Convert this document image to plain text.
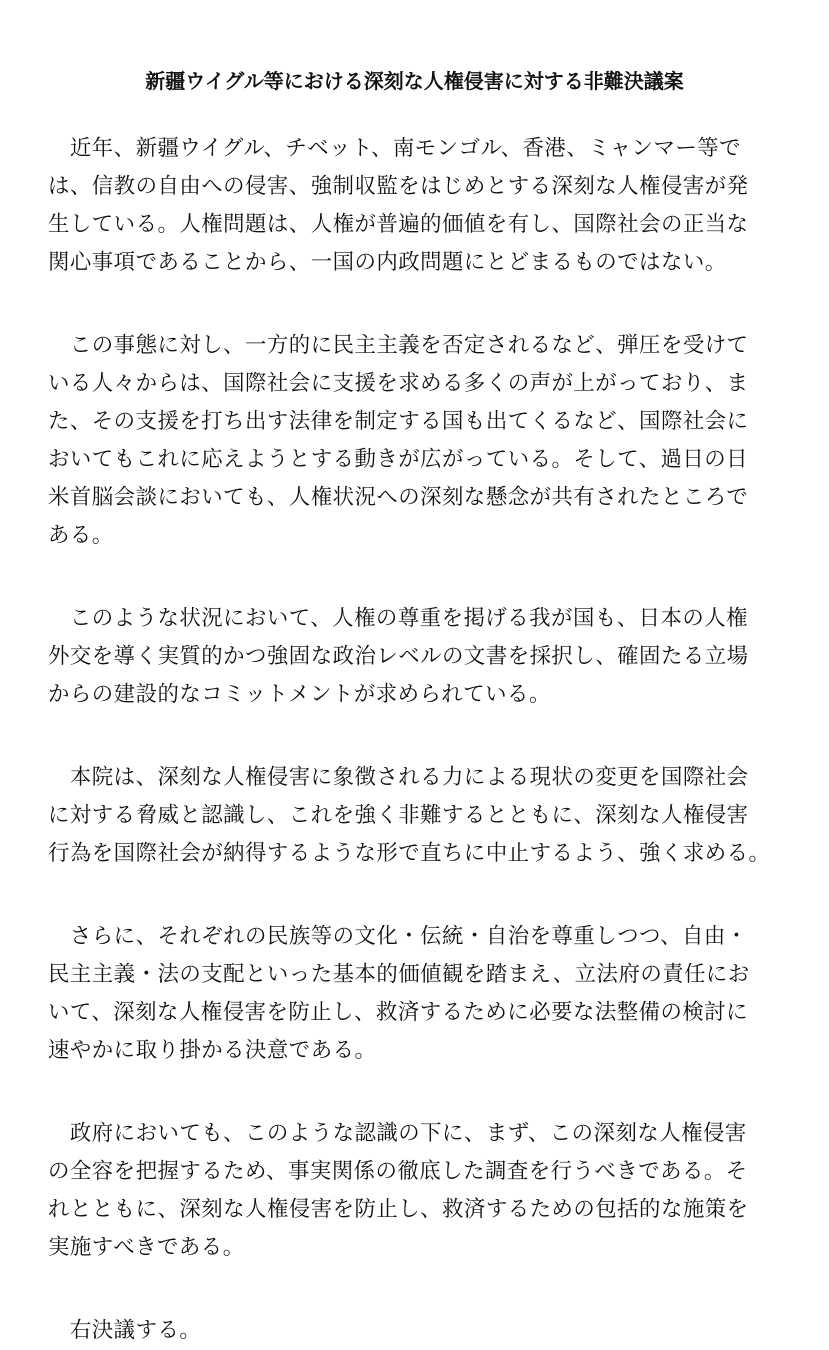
新疆ウイグル等における深刻な人権侵害に対する非難決議案

　近年、新疆ウイグル、チベット、南モンゴル、香港、ミャンマー等で
は、信教の自由への侵害、強制収監をはじめとする深刻な人権侵害が発
生している。人権問題は、人権が普遍的価値を有し、国際社会の正当な
関心事項であることから、一国の内政問題にとどまるものではない。

　この事態に対し、一方的に民主主義を否定されるなど、弾圧を受けて
いる人々からは、国際社会に支援を求める多くの声が上がっており、ま
た、その支援を打ち出す法律を制定する国も出てくるなど、国際社会に
おいてもこれに応えようとする動きが広がっている。そして、過日の日
米首脳会談においても、人権状況への深刻な懸念が共有されたところで
ある。

　このような状況において、人権の尊重を掲げる我が国も、日本の人権
外交を導く実質的かつ強固な政治レベルの文書を採択し、確固たる立場
からの建設的なコミットメントが求められている。

　本院は、深刻な人権侵害に象徴される力による現状の変更を国際社会
に対する脅威と認識し、これを強く非難するとともに、深刻な人権侵害
行為を国際社会が納得するような形で直ちに中止するよう、強く求める。

　さらに、それぞれの民族等の文化・伝統・自治を尊重しつつ、自由・
民主主義・法の支配といった基本的価値観を踏まえ、立法府の責任にお
いて、深刻な人権侵害を防止し、救済するために必要な法整備の検討に
速やかに取り掛かる決意である。

　政府においても、このような認識の下に、まず、この深刻な人権侵害
の全容を把握するため、事実関係の徹底した調査を行うべきである。そ
れとともに、深刻な人権侵害を防止し、救済するための包括的な施策を
実施すべきである。

　右決議する。
